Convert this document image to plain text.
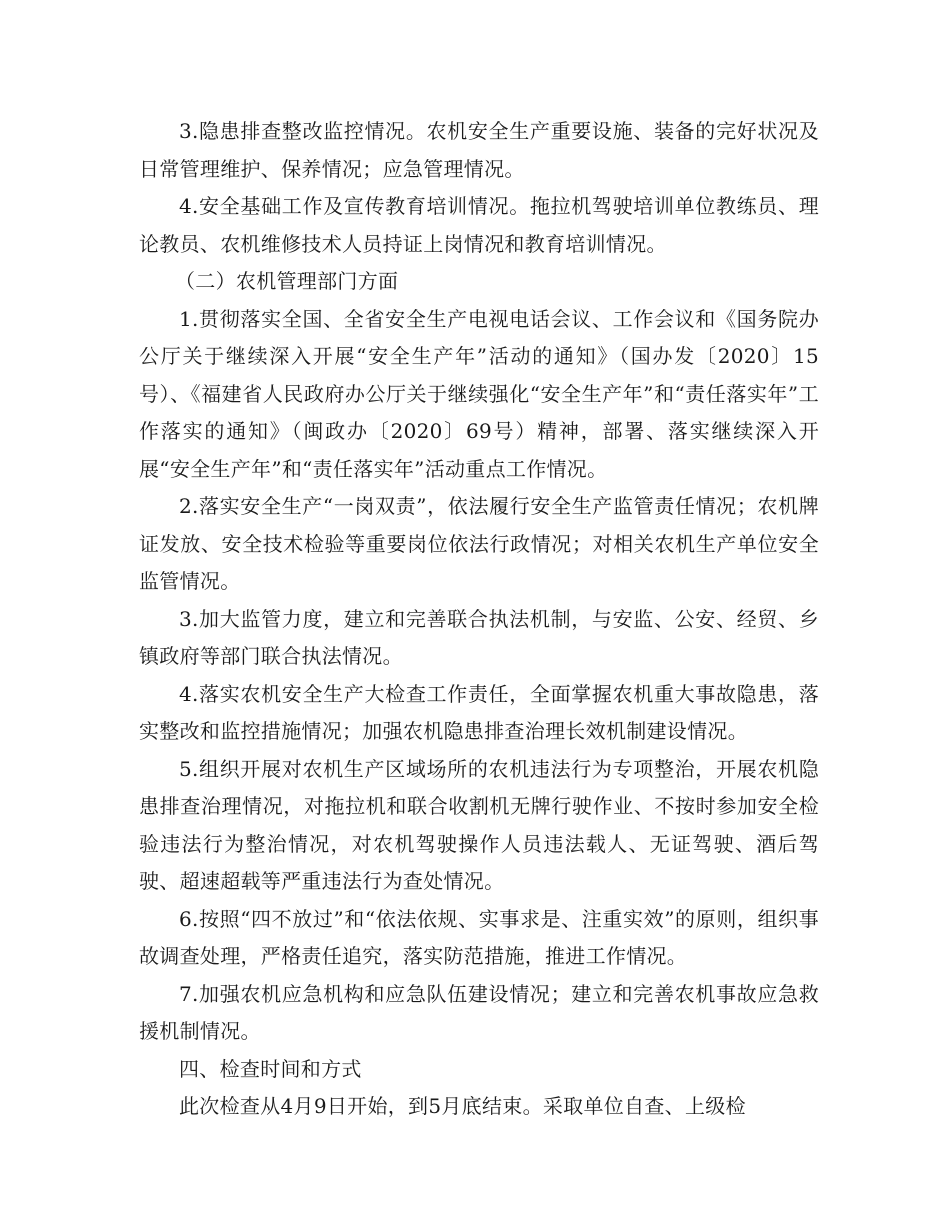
3.隐患排查整改监控情况。农机安全生产重要设施、装备的完好状况及日常管理维护、保养情况；应急管理情况。

4.安全基础工作及宣传教育培训情况。拖拉机驾驶培训单位教练员、理论教员、农机维修技术人员持证上岗情况和教育培训情况。

（二）农机管理部门方面

1.贯彻落实全国、全省安全生产电视电话会议、工作会议和《国务院办公厅关于继续深入开展“安全生产年”活动的通知》（国办发〔2020〕15号）、《福建省人民政府办公厅关于继续强化“安全生产年”和“责任落实年”工作落实的通知》（闽政办〔2020〕69号）精神，部署、落实继续深入开展“安全生产年”和“责任落实年”活动重点工作情况。

2.落实安全生产“一岗双责”，依法履行安全生产监管责任情况；农机牌证发放、安全技术检验等重要岗位依法行政情况；对相关农机生产单位安全监管情况。

3.加大监管力度，建立和完善联合执法机制，与安监、公安、经贸、乡镇政府等部门联合执法情况。

4.落实农机安全生产大检查工作责任，全面掌握农机重大事故隐患，落实整改和监控措施情况；加强农机隐患排查治理长效机制建设情况。

5.组织开展对农机生产区域场所的农机违法行为专项整治，开展农机隐患排查治理情况，对拖拉机和联合收割机无牌行驶作业、不按时参加安全检验违法行为整治情况，对农机驾驶操作人员违法载人、无证驾驶、酒后驾驶、超速超载等严重违法行为查处情况。

6.按照“四不放过”和“依法依规、实事求是、注重实效”的原则，组织事故调查处理，严格责任追究，落实防范措施，推进工作情况。

7.加强农机应急机构和应急队伍建设情况；建立和完善农机事故应急救援机制情况。

四、检查时间和方式

此次检查从4月9日开始，到5月底结束。采取单位自查、上级检
